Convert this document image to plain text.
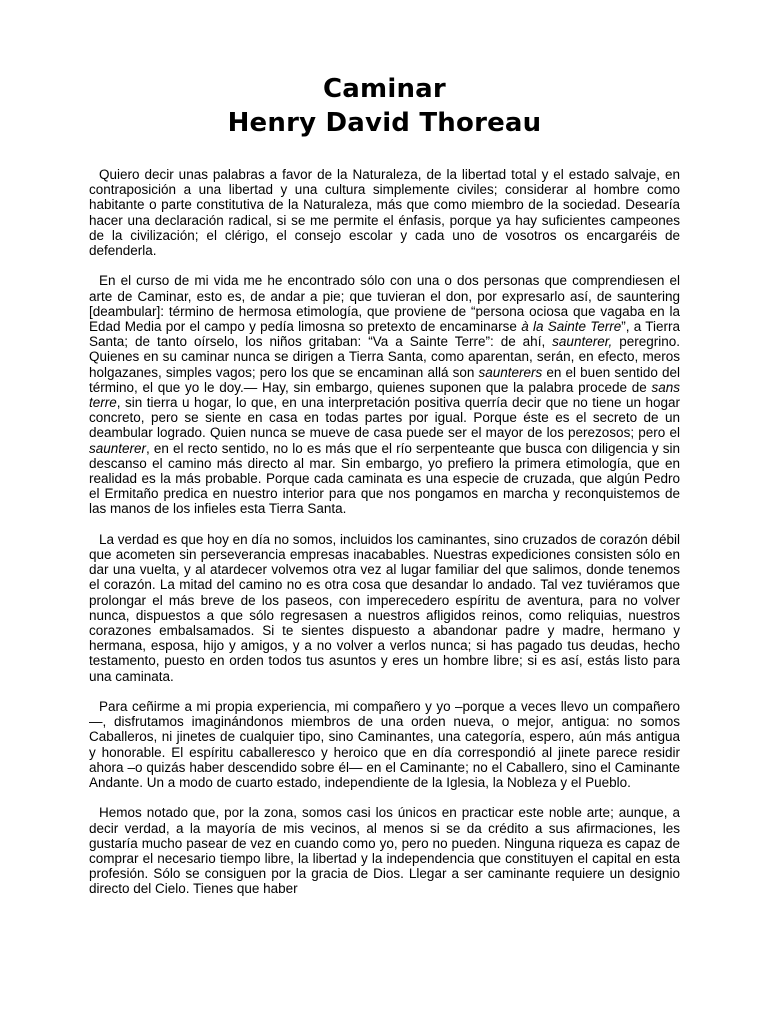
Caminar
Henry David Thoreau

Quiero decir unas palabras a favor de la Naturaleza, de la libertad total y el estado salvaje, en contraposición a una libertad y una cultura simplemente civiles; considerar al hombre como habitante o parte constitutiva de la Naturaleza, más que como miembro de la sociedad. Desearía hacer una declaración radical, si se me permite el énfasis, porque ya hay suficientes campeones de la civilización; el clérigo, el consejo escolar y cada uno de vosotros os encargaréis de defenderla.

En el curso de mi vida me he encontrado sólo con una o dos personas que comprendiesen el arte de Caminar, esto es, de andar a pie; que tuvieran el don, por expresarlo así, de sauntering [deambular]: término de hermosa etimología, que proviene de “persona ociosa que vagaba en la Edad Media por el campo y pedía limosna so pretexto de encaminarse à la Sainte Terre”, a Tierra Santa; de tanto oírselo, los niños gritaban: “Va a Sainte Terre”: de ahí, saunterer, peregrino. Quienes en su caminar nunca se dirigen a Tierra Santa, como aparentan, serán, en efecto, meros holgazanes, simples vagos; pero los que se encaminan allá son saunterers en el buen sentido del término, el que yo le doy.— Hay, sin embargo, quienes suponen que la palabra procede de sans terre, sin tierra u hogar, lo que, en una interpretación positiva querría decir que no tiene un hogar concreto, pero se siente en casa en todas partes por igual. Porque éste es el secreto de un deambular logrado. Quien nunca se mueve de casa puede ser el mayor de los perezosos; pero el saunterer, en el recto sentido, no lo es más que el río serpenteante que busca con diligencia y sin descanso el camino más directo al mar. Sin embargo, yo prefiero la primera etimología, que en realidad es la más probable. Porque cada caminata es una especie de cruzada, que algún Pedro el Ermitaño predica en nuestro interior para que nos pongamos en marcha y reconquistemos de las manos de los infieles esta Tierra Santa.

La verdad es que hoy en día no somos, incluidos los caminantes, sino cruzados de corazón débil que acometen sin perseverancia empresas inacabables. Nuestras expediciones consisten sólo en dar una vuelta, y al atardecer volvemos otra vez al lugar familiar del que salimos, donde tenemos el corazón. La mitad del camino no es otra cosa que desandar lo andado. Tal vez tuviéramos que prolongar el más breve de los paseos, con imperecedero espíritu de aventura, para no volver nunca, dispuestos a que sólo regresasen a nuestros afligidos reinos, como reliquias, nuestros corazones embalsamados. Si te sientes dispuesto a abandonar padre y madre, hermano y hermana, esposa, hijo y amigos, y a no volver a verlos nunca; si has pagado tus deudas, hecho testamento, puesto en orden todos tus asuntos y eres un hombre libre; si es así, estás listo para una caminata.

Para ceñirme a mi propia experiencia, mi compañero y yo –porque a veces llevo un compañero—, disfrutamos imaginándonos miembros de una orden nueva, o mejor, antigua: no somos Caballeros, ni jinetes de cualquier tipo, sino Caminantes, una categoría, espero, aún más antigua y honorable. El espíritu caballeresco y heroico que en día correspondió al jinete parece residir ahora –o quizás haber descendido sobre él— en el Caminante; no el Caballero, sino el Caminante Andante. Un a modo de cuarto estado, independiente de la Iglesia, la Nobleza y el Pueblo.

Hemos notado que, por la zona, somos casi los únicos en practicar este noble arte; aunque, a decir verdad, a la mayoría de mis vecinos, al menos si se da crédito a sus afirmaciones, les gustaría mucho pasear de vez en cuando como yo, pero no pueden. Ninguna riqueza es capaz de comprar el necesario tiempo libre, la libertad y la independencia que constituyen el capital en esta profesión. Sólo se consiguen por la gracia de Dios. Llegar a ser caminante requiere un designio directo del Cielo. Tienes que haber
